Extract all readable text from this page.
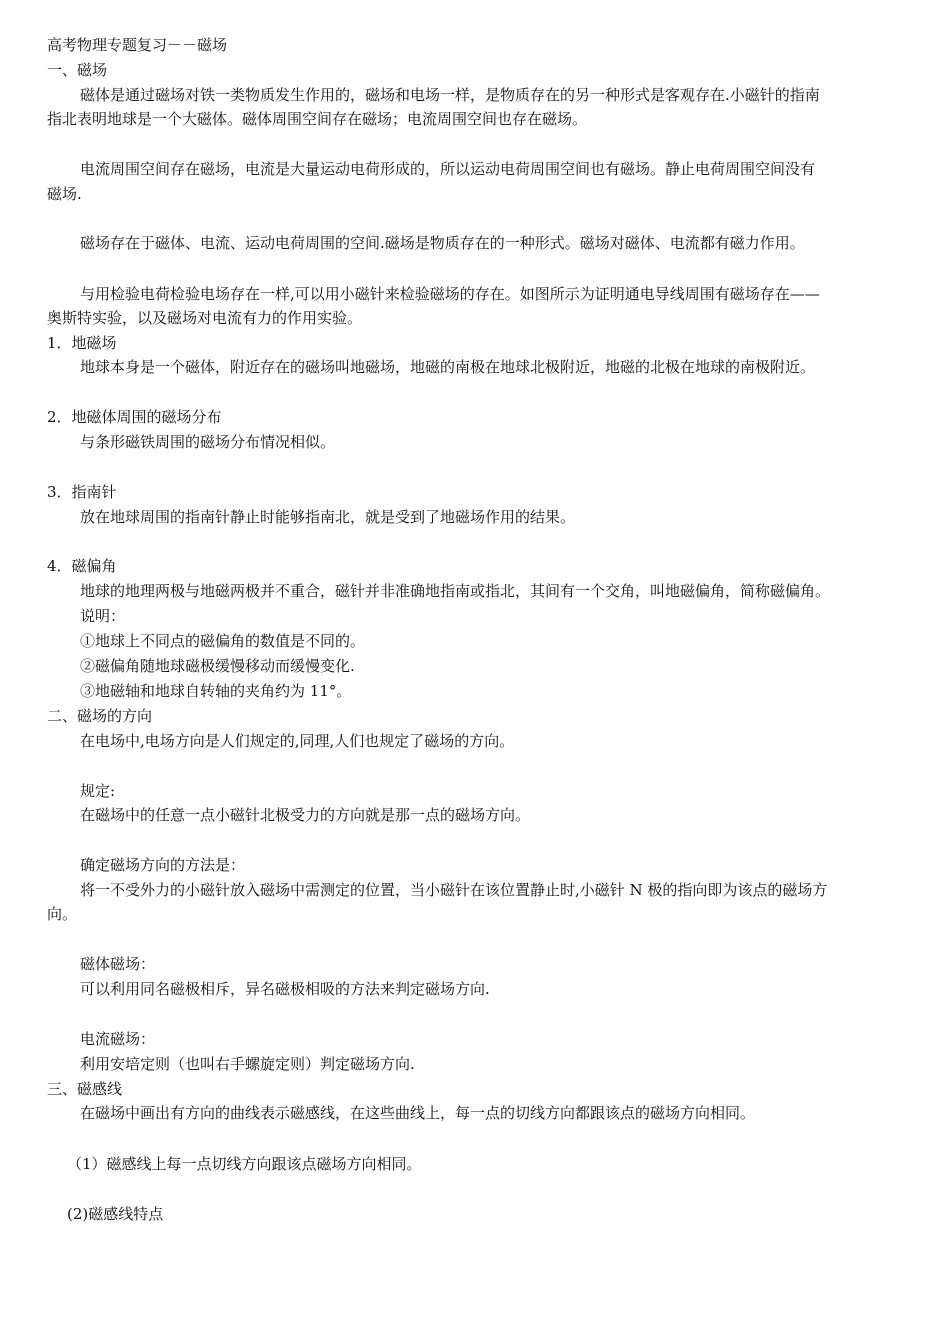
高考物理专题复习－－磁场
一、磁场
磁体是通过磁场对铁一类物质发生作用的，磁场和电场一样，是物质存在的另一种形式是客观存在.小磁针的指南
指北表明地球是一个大磁体。磁体周围空间存在磁场；电流周围空间也存在磁场。
电流周围空间存在磁场，电流是大量运动电荷形成的，所以运动电荷周围空间也有磁场。静止电荷周围空间没有
磁场.
磁场存在于磁体、电流、运动电荷周围的空间.磁场是物质存在的一种形式。磁场对磁体、电流都有磁力作用。
与用检验电荷检验电场存在一样,可以用小磁针来检验磁场的存在。如图所示为证明通电导线周围有磁场存在——
奥斯特实验，以及磁场对电流有力的作用实验。
1．地磁场
地球本身是一个磁体，附近存在的磁场叫地磁场，地磁的南极在地球北极附近，地磁的北极在地球的南极附近。
2．地磁体周围的磁场分布
与条形磁铁周围的磁场分布情况相似。
3．指南针
放在地球周围的指南针静止时能够指南北，就是受到了地磁场作用的结果。
4．磁偏角
地球的地理两极与地磁两极并不重合，磁针并非准确地指南或指北，其间有一个交角，叫地磁偏角，简称磁偏角。
说明：
①地球上不同点的磁偏角的数值是不同的。
②磁偏角随地球磁极缓慢移动而缓慢变化.
③地磁轴和地球自转轴的夹角约为 11°。
二、磁场的方向
在电场中,电场方向是人们规定的,同理,人们也规定了磁场的方向。
规定:
在磁场中的任意一点小磁针北极受力的方向就是那一点的磁场方向。
确定磁场方向的方法是：
将一不受外力的小磁针放入磁场中需测定的位置，当小磁针在该位置静止时,小磁针 N 极的指向即为该点的磁场方
向。
磁体磁场：
可以利用同名磁极相斥，异名磁极相吸的方法来判定磁场方向.
电流磁场：
利用安培定则（也叫右手螺旋定则）判定磁场方向.
三、磁感线
在磁场中画出有方向的曲线表示磁感线，在这些曲线上，每一点的切线方向都跟该点的磁场方向相同。
（1）磁感线上每一点切线方向跟该点磁场方向相同。
(2)磁感线特点
